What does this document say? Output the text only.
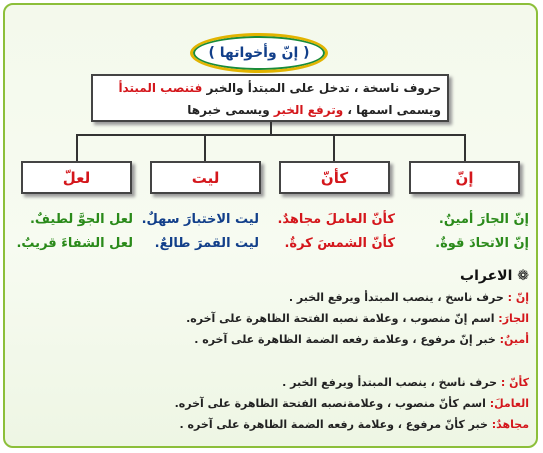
( إنّ وأخواتها )
حروف ناسخة ، تدخل على المبتدأ والخبر فتنصب المبتدأ ويسمى اسمها ، وترفع الخبر ويسمى خبرها
إنّ
كأنّ
ليت
لعلّ
إنّ الجارَ أمينٌ.
إنّ الاتحادَ قوةٌ.
كأنّ العاملَ مجاهدٌ.
كأنّ الشمسَ كرةٌ.
ليت الاختبارَ سهلٌ.
ليت القمرَ طالعٌ.
لعل الجوَّ لطيفٌ.
لعل الشفاءَ قريبٌ.
❁ الاعراب
إنّ : حرف ناسخ ، ينصب المبتدأ ويرفع الخبر .
الجارَ: اسم إنّ منصوب ، وعلامة نصبه الفتحة الظاهرة على آخره.
أمينٌ: خبر إنّ مرفوع ، وعلامة رفعه الضمة الظاهرة على آخره .
كأنّ : حرف ناسخ ، ينصب المبتدأ ويرفع الخبر .
العاملَ: اسم كأنّ منصوب ، وعلامةنصبه الفتحة الظاهرة على آخره.
مجاهدٌ: خبر كأنّ مرفوع ، وعلامة رفعه الضمة الظاهرة على آخره .
